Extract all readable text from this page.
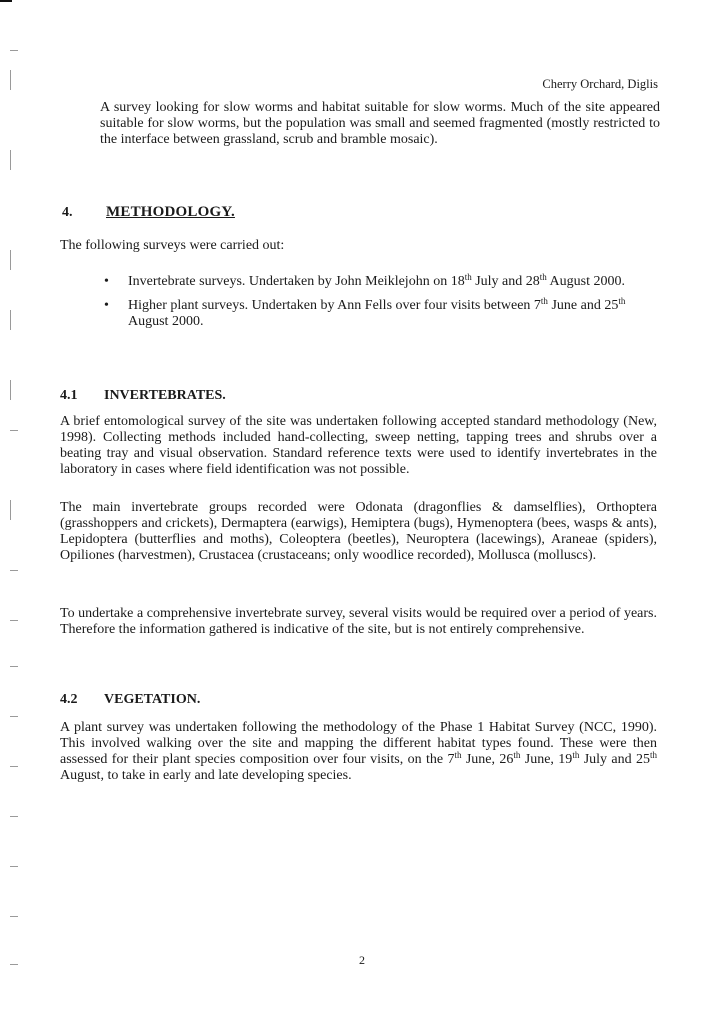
Cherry Orchard, Diglis
A survey looking for slow worms and habitat suitable for slow worms. Much of the site appeared suitable for slow worms, but the population was small and seemed fragmented (mostly restricted to the interface between grassland, scrub and bramble mosaic).
4. METHODOLOGY.
The following surveys were carried out:
• Invertebrate surveys. Undertaken by John Meiklejohn on 18th July and 28th August 2000.
• Higher plant surveys. Undertaken by Ann Fells over four visits between 7th June and 25th August 2000.
4.1 INVERTEBRATES.
A brief entomological survey of the site was undertaken following accepted standard methodology (New, 1998). Collecting methods included hand-collecting, sweep netting, tapping trees and shrubs over a beating tray and visual observation. Standard reference texts were used to identify invertebrates in the laboratory in cases where field identification was not possible.
The main invertebrate groups recorded were Odonata (dragonflies & damselflies), Orthoptera (grasshoppers and crickets), Dermaptera (earwigs), Hemiptera (bugs), Hymenoptera (bees, wasps & ants), Lepidoptera (butterflies and moths), Coleoptera (beetles), Neuroptera (lacewings), Araneae (spiders), Opiliones (harvestmen), Crustacea (crustaceans; only woodlice recorded), Mollusca (molluscs).
To undertake a comprehensive invertebrate survey, several visits would be required over a period of years. Therefore the information gathered is indicative of the site, but is not entirely comprehensive.
4.2 VEGETATION.
A plant survey was undertaken following the methodology of the Phase 1 Habitat Survey (NCC, 1990). This involved walking over the site and mapping the different habitat types found. These were then assessed for their plant species composition over four visits, on the 7th June, 26th June, 19th July and 25th August, to take in early and late developing species.
2
